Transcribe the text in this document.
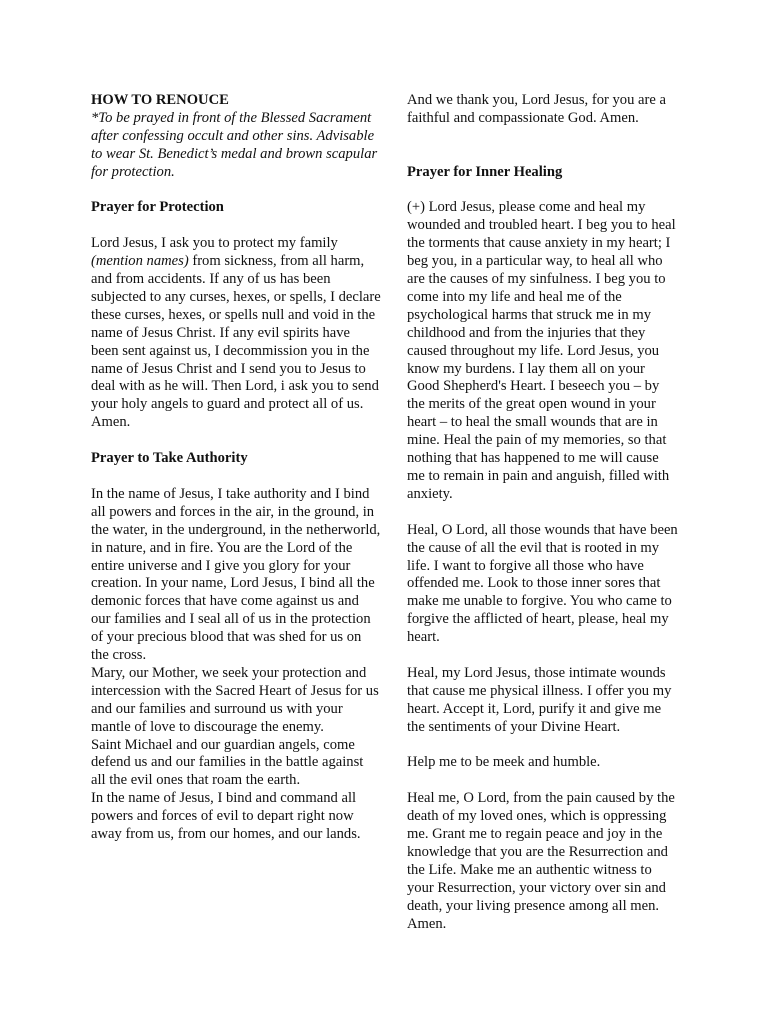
HOW TO RENOUCE

*To be prayed in front of the Blessed Sacrament after confessing occult and other sins. Advisable to wear St. Benedict’s medal and brown scapular for protection.

Prayer for Protection

Lord Jesus, I ask you to protect my family (mention names) from sickness, from all harm, and from accidents. If any of us has been subjected to any curses, hexes, or spells, I declare these curses, hexes, or spells null and void in the name of Jesus Christ. If any evil spirits have been sent against us, I decommission you in the name of Jesus Christ and I send you to Jesus to deal with as he will. Then Lord, i ask you to send your holy angels to guard and protect all of us. Amen.

Prayer to Take Authority

In the name of Jesus, I take authority and I bind all powers and forces in the air, in the ground, in the water, in the underground, in the netherworld, in nature, and in fire. You are the Lord of the entire universe and I give you glory for your creation. In your name, Lord Jesus, I bind all the demonic forces that have come against us and our families and I seal all of us in the protection of your precious blood that was shed for us on the cross.

Mary, our Mother, we seek your protection and intercession with the Sacred Heart of Jesus for us and our families and surround us with your mantle of love to discourage the enemy.

Saint Michael and our guardian angels, come defend us and our families in the battle against all the evil ones that roam the earth.

In the name of Jesus, I bind and command all powers and forces of evil to depart right now away from us, from our homes, and our lands.

And we thank you, Lord Jesus, for you are a faithful and compassionate God. Amen.

Prayer for Inner Healing

(+) Lord Jesus, please come and heal my wounded and troubled heart. I beg you to heal the torments that cause anxiety in my heart; I beg you, in a particular way, to heal all who are the causes of my sinfulness. I beg you to come into my life and heal me of the psychological harms that struck me in my childhood and from the injuries that they caused throughout my life. Lord Jesus, you know my burdens. I lay them all on your Good Shepherd's Heart. I beseech you – by the merits of the great open wound in your heart – to heal the small wounds that are in mine. Heal the pain of my memories, so that nothing that has happened to me will cause me to remain in pain and anguish, filled with anxiety.

Heal, O Lord, all those wounds that have been the cause of all the evil that is rooted in my life. I want to forgive all those who have offended me. Look to those inner sores that make me unable to forgive. You who came to forgive the afflicted of heart, please, heal my heart.

Heal, my Lord Jesus, those intimate wounds that cause me physical illness. I offer you my heart. Accept it, Lord, purify it and give me the sentiments of your Divine Heart.

Help me to be meek and humble.

Heal me, O Lord, from the pain caused by the death of my loved ones, which is oppressing me. Grant me to regain peace and joy in the knowledge that you are the Resurrection and the Life. Make me an authentic witness to your Resurrection, your victory over sin and death, your living presence among all men. Amen.
